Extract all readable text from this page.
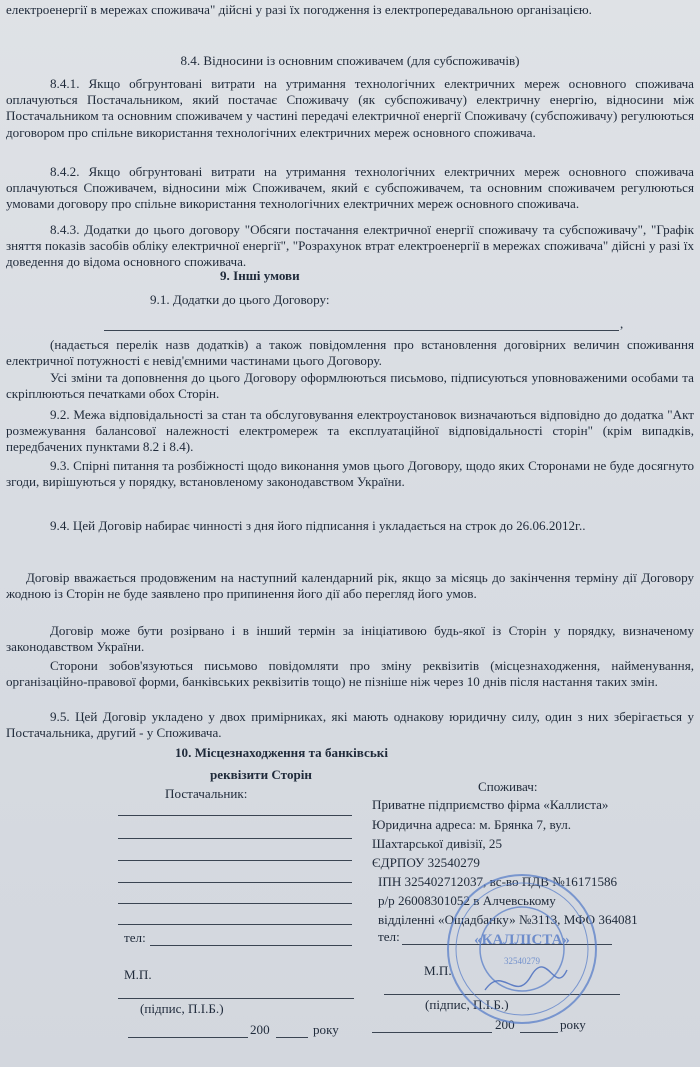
електроенергії в мережах споживача" дійсні у разі їх погодження із електропередавальною організацією.
8.4. Відносини із основним споживачем (для субспоживачів)
8.4.1. Якщо обгрунтовані витрати на утримання технологічних електричних мереж основного споживача оплачуються Постачальником, який постачає Споживачу (як субспоживачу) електричну енергію, відносини між Постачальником та основним споживачем у частині передачі електричної енергії Споживачу (субспоживачу) регулюються договором про спільне використання технологічних електричних мереж основного споживача.
8.4.2. Якщо обгрунтовані витрати на утримання технологічних електричних мереж основного споживача оплачуються Споживачем, відносини між Споживачем, який є субспоживачем, та основним споживачем регулюються умовами договору про спільне використання технологічних електричних мереж основного споживача.
8.4.3. Додатки до цього договору "Обсяги постачання електричної енергії споживачу та субспоживачу", "Графік зняття показів засобів обліку електричної енергії", "Розрахунок втрат електроенергії в мережах споживача" дійсні у разі їх доведення до відома основного споживача.
9. Інші умови
9.1. Додатки до цього Договору:
,
(надається перелік назв додатків) а також повідомлення про встановлення договірних величин споживання електричної потужності є невід'ємними частинами цього Договору.
Усі зміни та доповнення до цього Договору оформлюються письмово, підписуються уповноваженими особами та скріплюються печатками обох Сторін.
9.2. Межа відповідальності за стан та обслуговування електроустановок визначаються відповідно до додатка "Акт розмежування балансової належності електромереж та експлуатаційної відповідальності сторін" (крім випадків, передбачених пунктами 8.2 і 8.4).
9.3. Спірні питання та розбіжності щодо виконання умов цього Договору, щодо яких Сторонами не буде досягнуто згоди, вирішуються у порядку, встановленому законодавством України.
9.4. Цей Договір набирає чинності з дня його підписання і укладається на строк до 26.06.2012г..
Договір вважається продовженим на наступний календарний рік, якщо за місяць до закінчення терміну дії Договору жодною із Сторін не буде заявлено про припинення його дії або перегляд його умов.
Договір може бути розірвано і в інший термін за ініціативою будь-якої із Сторін у порядку, визначеному законодавством України.
Сторони зобов'язуються письмово повідомляти про зміну реквізитів (місцезнаходження, найменування, організаційно-правової форми, банківських реквізитів тощо) не пізніше ніж через 10 днів після настання таких змін.
9.5. Цей Договір укладено у двох примірниках, які мають однакову юридичну силу, один з них зберігається у Постачальника, другий - у Споживача.
10. Місцезнаходження та банківські
реквізити Сторін
Постачальник:
тел:
М.П.
(підпис, П.І.Б.)
200	року
Споживач:
Приватне підприємство фірма «Каллиста»
Юридична адреса: м. Брянка 7, вул.
Шахтарської дивізії, 25
ЄДРПОУ 32540279
ІПН 325402712037, вс-во ПДВ №16171586
р/р 26008301052 в Алчевському
відділенні «Ощадбанку» №3113, МФО 364081
тел:
М.П.
(підпис, П.І.Б.)
200	року
«КАЛЛІСТА»
32540279
